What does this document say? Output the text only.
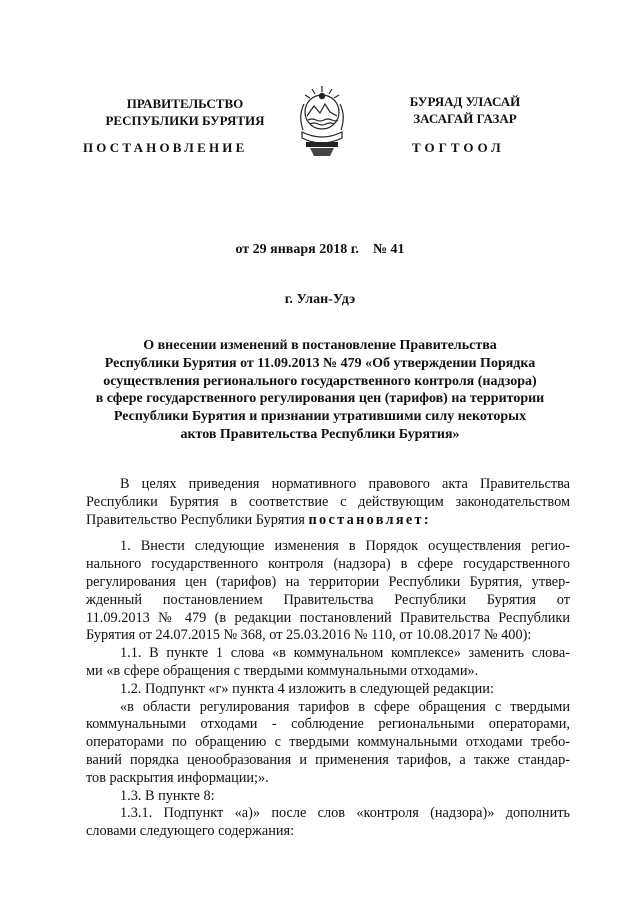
ПРАВИТЕЛЬСТВО
РЕСПУБЛИКИ БУРЯТИЯ
БУРЯАД УЛАСАЙ
ЗАСАГАЙ ГАЗАР
ПОСТАНОВЛЕНИЕ	ТОГТООЛ
от 29 января 2018 г.    № 41
г. Улан-Удэ
О внесении изменений в постановление Правительства
Республики Бурятия от 11.09.2013 № 479 «Об утверждении Порядка
осуществления регионального государственного контроля (надзора)
в сфере государственного регулирования цен (тарифов) на территории
Республики Бурятия и признании утратившими силу некоторых
актов Правительства Республики Бурятия»
В целях приведения нормативного правового акта Правительства
Республики Бурятия в соответствие с действующим законодательством
Правительство Республики Бурятия постановляет:
1. Внести следующие изменения в Порядок осуществления регио-
нального государственного контроля (надзора) в сфере государственного
регулирования цен (тарифов) на территории Республики Бурятия, утвер-
жденный постановлением Правительства Республики Бурятия от
11.09.2013 № 479 (в редакции постановлений Правительства Республики
Бурятия от 24.07.2015 № 368, от 25.03.2016 № 110, от 10.08.2017 № 400):
1.1. В пункте 1 слова «в коммунальном комплексе» заменить слова-
ми «в сфере обращения с твердыми коммунальными отходами».
1.2. Подпункт «г» пункта 4 изложить в следующей редакции:
«в области регулирования тарифов в сфере обращения с твердыми
коммунальными отходами - соблюдение региональными операторами,
операторами по обращению с твердыми коммунальными отходами требо-
ваний порядка ценообразования и применения тарифов, а также стандар-
тов раскрытия информации;».
1.3. В пункте 8:
1.3.1. Подпункт «а)» после слов «контроля (надзора)» дополнить
словами следующего содержания:
